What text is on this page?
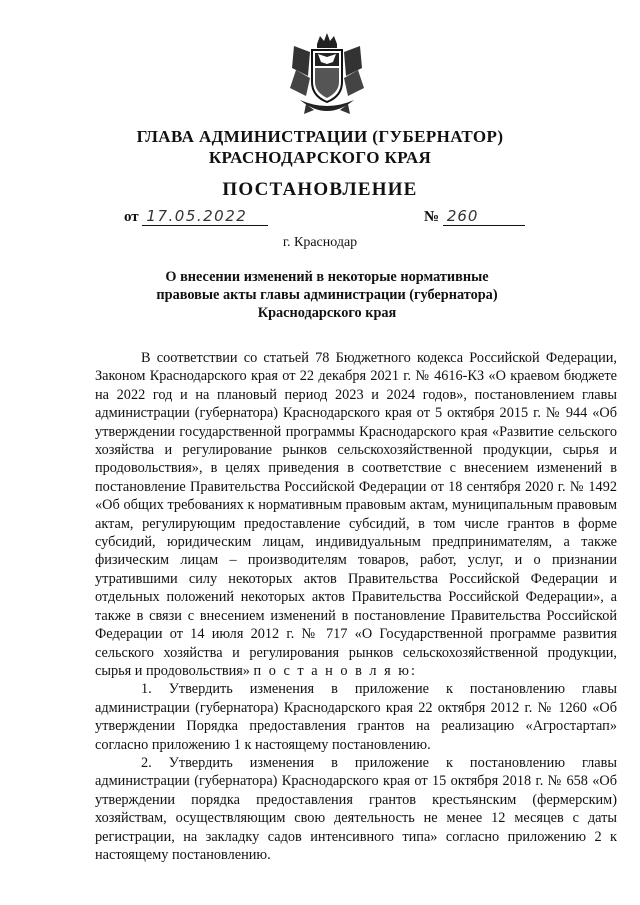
ГЛАВА АДМИНИСТРАЦИИ (ГУБЕРНАТОР)
КРАСНОДАРСКОГО КРАЯ
ПОСТАНОВЛЕНИЕ
от 17.05.2022	№ 260
г. Краснодар
О внесении изменений в некоторые нормативные правовые акты главы администрации (губернатора) Краснодарского края

В соответствии со статьей 78 Бюджетного кодекса Российской Федерации, Законом Краснодарского края от 22 декабря 2021 г. № 4616-КЗ «О краевом бюджете на 2022 год и на плановый период 2023 и 2024 годов», постановлением главы администрации (губернатора) Краснодарского края от 5 октября 2015 г. № 944 «Об утверждении государственной программы Краснодарского края «Развитие сельского хозяйства и регулирование рынков сельскохозяйственной продукции, сырья и продовольствия», в целях приведения в соответствие с внесением изменений в постановление Правительства Российской Федерации от 18 сентября 2020 г. № 1492 «Об общих требованиях к нормативным правовым актам, муниципальным правовым актам, регулирующим предоставление субсидий, в том числе грантов в форме субсидий, юридическим лицам, индивидуальным предпринимателям, а также физическим лицам – производителям товаров, работ, услуг, и о признании утратившими силу некоторых актов Правительства Российской Федерации и отдельных положений некоторых актов Правительства Российской Федерации», а также в связи с внесением изменений в постановление Правительства Российской Федерации от 14 июля 2012 г. № 717 «О Государственной программе развития сельского хозяйства и регулирования рынков сельскохозяйственной продукции, сырья и продовольствия» п о с т а н о в л я ю:

1. Утвердить изменения в приложение к постановлению главы администрации (губернатора) Краснодарского края 22 октября 2012 г. № 1260 «Об утверждении Порядка предоставления грантов на реализацию «Агростартап» согласно приложению 1 к настоящему постановлению.

2. Утвердить изменения в приложение к постановлению главы администрации (губернатора) Краснодарского края от 15 октября 2018 г. № 658 «Об утверждении порядка предоставления грантов крестьянским (фермерским) хозяйствам, осуществляющим свою деятельность не менее 12 месяцев с даты регистрации, на закладку садов интенсивного типа» согласно приложению 2 к настоящему постановлению.
